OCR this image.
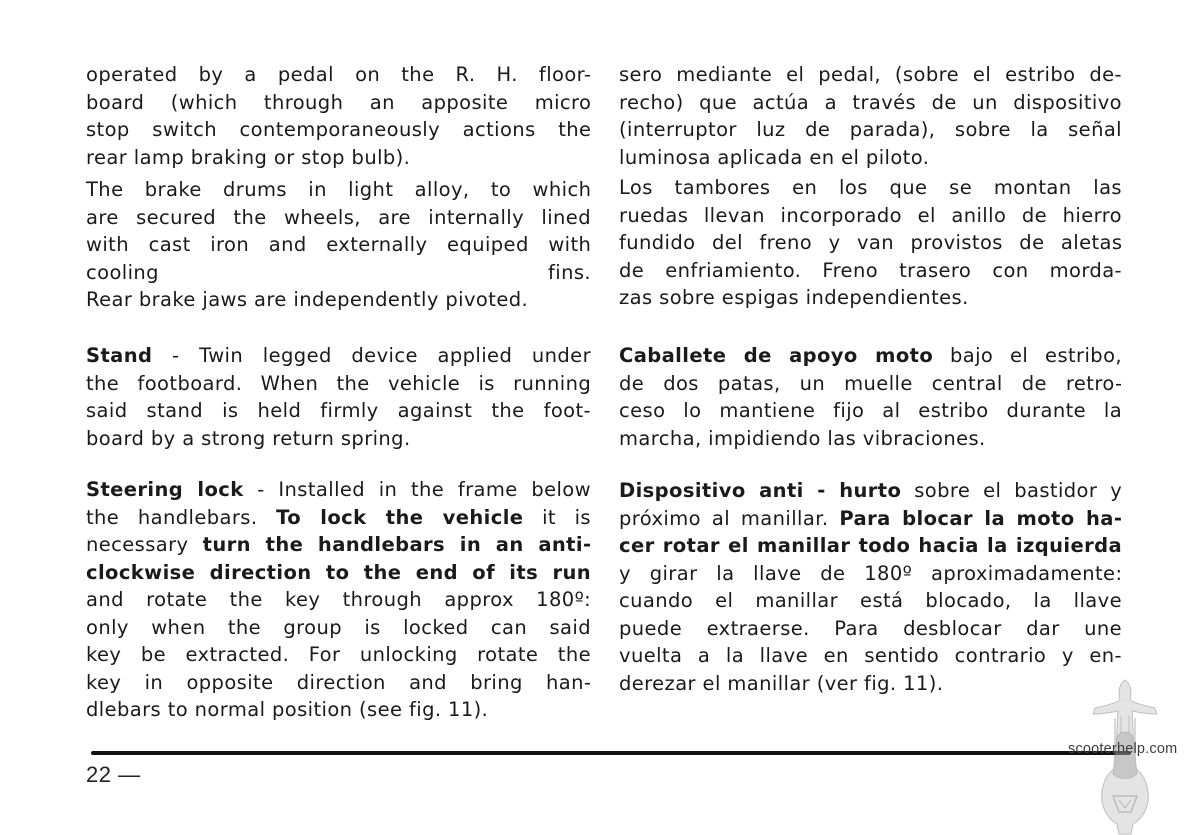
operated by a pedal on the R. H. floor-
board (which through an apposite micro
stop switch contemporaneously actions the
rear lamp braking or stop bulb).
The brake drums in light alloy, to which
are secured the wheels, are internally lined
with cast iron and externally equiped with
cooling fins.
Rear brake jaws are independently pivoted.
Stand - Twin legged device applied under
the footboard. When the vehicle is running
said stand is held firmly against the foot-
board by a strong return spring.
Steering lock - Installed in the frame below
the handlebars. To lock the vehicle it is
necessary turn the handlebars in an anti-
clockwise direction to the end of its run
and rotate the key through approx 180º:
only when the group is locked can said
key be extracted. For unlocking rotate the
key in opposite direction and bring han-
dlebars to normal position (see fig. 11).
sero mediante el pedal, (sobre el estribo de-
recho) que actúa a través de un dispositivo
(interruptor luz de parada), sobre la señal
luminosa aplicada en el piloto.
Los tambores en los que se montan las
ruedas llevan incorporado el anillo de hierro
fundido del freno y van provistos de aletas
de enfriamiento. Freno trasero con morda-
zas sobre espigas independientes.
Caballete de apoyo moto bajo el estribo,
de dos patas, un muelle central de retro-
ceso lo mantiene fijo al estribo durante la
marcha, impidiendo las vibraciones.
Dispositivo anti - hurto sobre el bastidor y
próximo al manillar. Para blocar la moto ha-
cer rotar el manillar todo hacia la izquierda
y girar la llave de 180º aproximadamente:
cuando el manillar está blocado, la llave
puede extraerse. Para desblocar dar une
vuelta a la llave en sentido contrario y en-
derezar el manillar (ver fig. 11).
22 —
scooterhelp.com
